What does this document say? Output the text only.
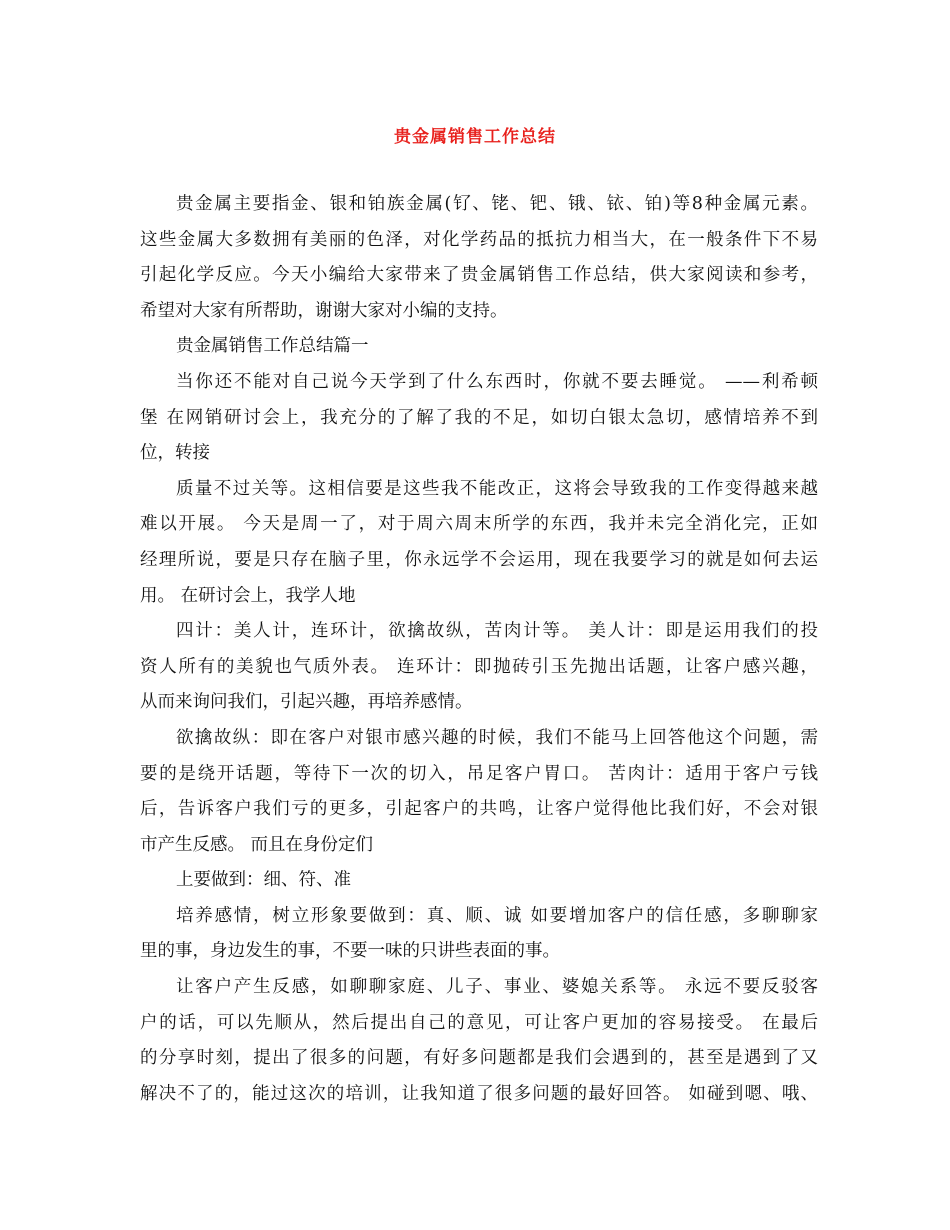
贵金属销售工作总结
贵金属主要指金、银和铂族金属(钌、铑、钯、锇、铱、铂)等8种金属元素。
这些金属大多数拥有美丽的色泽，对化学药品的抵抗力相当大，在一般条件下不易
引起化学反应。今天小编给大家带来了贵金属销售工作总结，供大家阅读和参考，
希望对大家有所帮助，谢谢大家对小编的支持。
贵金属销售工作总结篇一
当你还不能对自己说今天学到了什么东西时，你就不要去睡觉。 ——利希顿
堡 在网销研讨会上，我充分的了解了我的不足，如切白银太急切，感情培养不到
位，转接
质量不过关等。这相信要是这些我不能改正，这将会导致我的工作变得越来越
难以开展。 今天是周一了，对于周六周末所学的东西，我并未完全消化完，正如
经理所说，要是只存在脑子里，你永远学不会运用，现在我要学习的就是如何去运
用。 在研讨会上，我学人地
四计：美人计，连环计，欲擒故纵，苦肉计等。 美人计：即是运用我们的投
资人所有的美貌也气质外表。 连环计：即抛砖引玉先抛出话题，让客户感兴趣，
从而来询问我们，引起兴趣，再培养感情。
欲擒故纵：即在客户对银市感兴趣的时候，我们不能马上回答他这个问题，需
要的是绕开话题，等待下一次的切入，吊足客户胃口。 苦肉计：适用于客户亏钱
后，告诉客户我们亏的更多，引起客户的共鸣，让客户觉得他比我们好，不会对银
市产生反感。 而且在身份定们
上要做到：细、符、准
培养感情，树立形象要做到：真、顺、诚 如要增加客户的信任感，多聊聊家
里的事，身边发生的事，不要一味的只讲些表面的事。
让客户产生反感，如聊聊家庭、儿子、事业、婆媳关系等。 永远不要反驳客
户的话，可以先顺从，然后提出自己的意见，可让客户更加的容易接受。 在最后
的分享时刻，提出了很多的问题，有好多问题都是我们会遇到的，甚至是遇到了又
解决不了的，能过这次的培训，让我知道了很多问题的最好回答。 如碰到嗯、哦、
